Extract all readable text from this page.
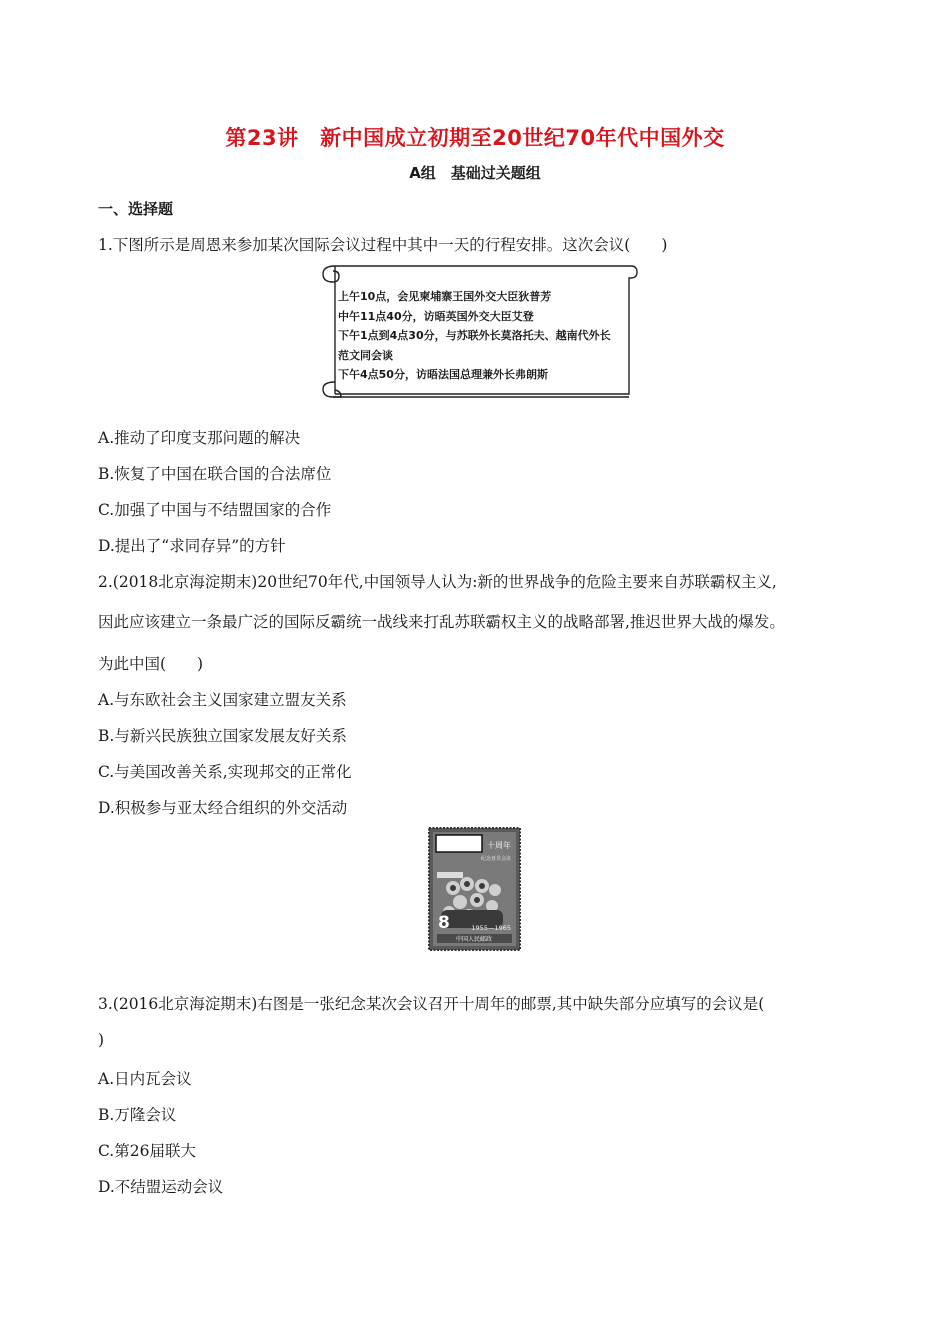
第23讲　新中国成立初期至20世纪70年代中国外交
A组　基础过关题组
一、选择题
1.下图所示是周恩来参加某次国际会议过程中其中一天的行程安排。这次会议(　　)
上午10点，会见柬埔寨王国外交大臣狄普芳
中午11点40分，访晤英国外交大臣艾登
下午1点到4点30分，与苏联外长莫洛托夫、越南代外长
范文同会谈
下午4点50分，访晤法国总理兼外长弗朗斯
A.推动了印度支那问题的解决
B.恢复了中国在联合国的合法席位
C.加强了中国与不结盟国家的合作
D.提出了“求同存异”的方针
2.(2018北京海淀期末)20世纪70年代,中国领导人认为:新的世界战争的危险主要来自苏联霸权主义,
因此应该建立一条最广泛的国际反霸统一战线来打乱苏联霸权主义的战略部署,推迟世界大战的爆发。
为此中国(　　)
A.与东欧社会主义国家建立盟友关系
B.与新兴民族独立国家发展友好关系
C.与美国改善关系,实现邦交的正常化
D.积极参与亚太经合组织的外交活动
十周年
纪念亚非会议
8	1955—1965
中国人民邮政
3.(2016北京海淀期末)右图是一张纪念某次会议召开十周年的邮票,其中缺失部分应填写的会议是(
)
A.日内瓦会议
B.万隆会议
C.第26届联大
D.不结盟运动会议
